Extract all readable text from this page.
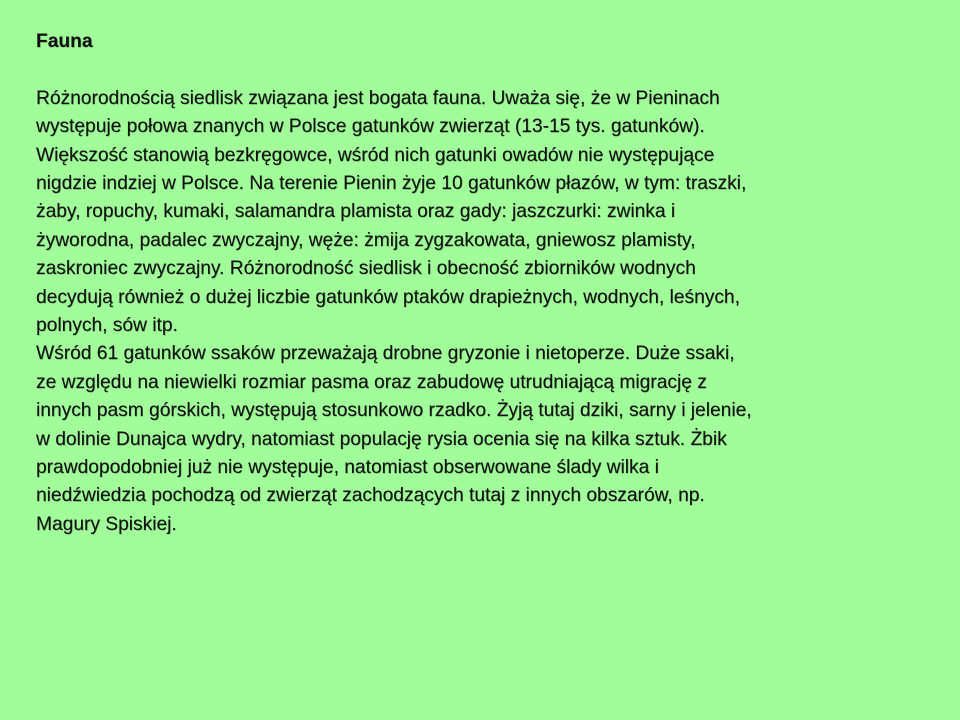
Fauna

Różnorodnością siedlisk związana jest bogata fauna. Uważa się, że w Pieninach
występuje połowa znanych w Polsce gatunków zwierząt (13-15 tys. gatunków).
Większość stanowią bezkręgowce, wśród nich gatunki owadów nie występujące
nigdzie indziej w Polsce. Na terenie Pienin żyje 10 gatunków płazów, w tym: traszki,
żaby, ropuchy, kumaki, salamandra plamista oraz gady: jaszczurki: zwinka i
żyworodna, padalec zwyczajny, węże: żmija zygzakowata, gniewosz plamisty,
zaskroniec zwyczajny. Różnorodność siedlisk i obecność zbiorników wodnych
decydują również o dużej liczbie gatunków ptaków drapieżnych, wodnych, leśnych,
polnych, sów itp.

Wśród 61 gatunków ssaków przeważają drobne gryzonie i nietoperze. Duże ssaki,
ze względu na niewielki rozmiar pasma oraz zabudowę utrudniającą migrację z
innych pasm górskich, występują stosunkowo rzadko. Żyją tutaj dziki, sarny i jelenie,
w dolinie Dunajca wydry, natomiast populację rysia ocenia się na kilka sztuk. Żbik
prawdopodobniej już nie występuje, natomiast obserwowane ślady wilka i
niedźwiedzia pochodzą od zwierząt zachodzących tutaj z innych obszarów, np.
Magury Spiskiej.
